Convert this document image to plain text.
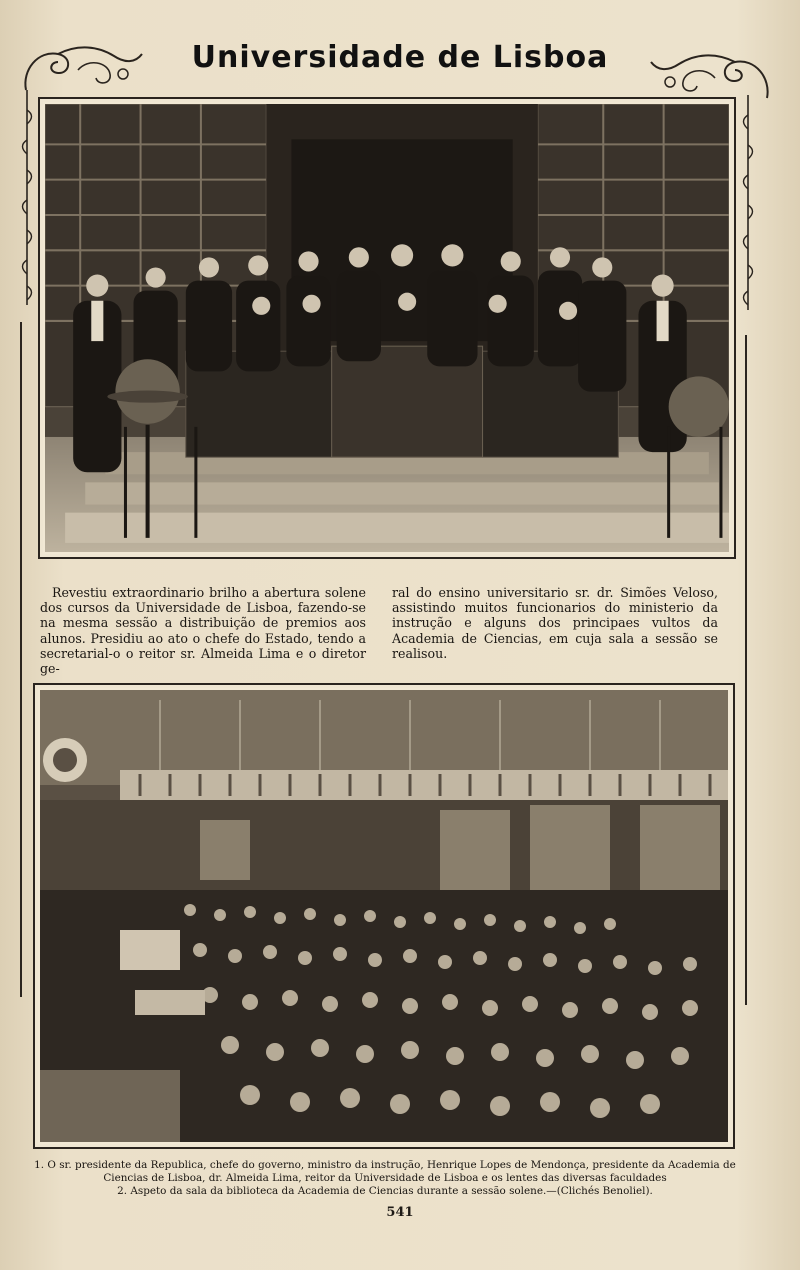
Universidade de Lisboa
Revestiu extraordinario brilho a abertura solene dos cursos da Universidade de Lisboa, fazendo-se na mesma sessão a distribuição de premios aos alunos. Presidiu ao ato o chefe do Estado, tendo a secretarial-o o reitor sr. Almeida Lima e o diretor ge-
ral do ensino universitario sr. dr. Simões Veloso, assistindo muitos funcionarios do ministerio da instrução e alguns dos principaes vultos da Academia de Ciencias, em cuja sala a sessão se realisou.
1. O sr. presidente da Republica, chefe do governo, ministro da instrução, Henrique Lopes de Mendonça, presidente da Academia de Ciencias de Lisboa, dr. Almeida Lima, reitor da Universidade de Lisboa e os lentes das diversas faculdades
2. Aspeto da sala da biblioteca da Academia de Ciencias durante a sessão solene.—(Clichés Benoliel).
541
